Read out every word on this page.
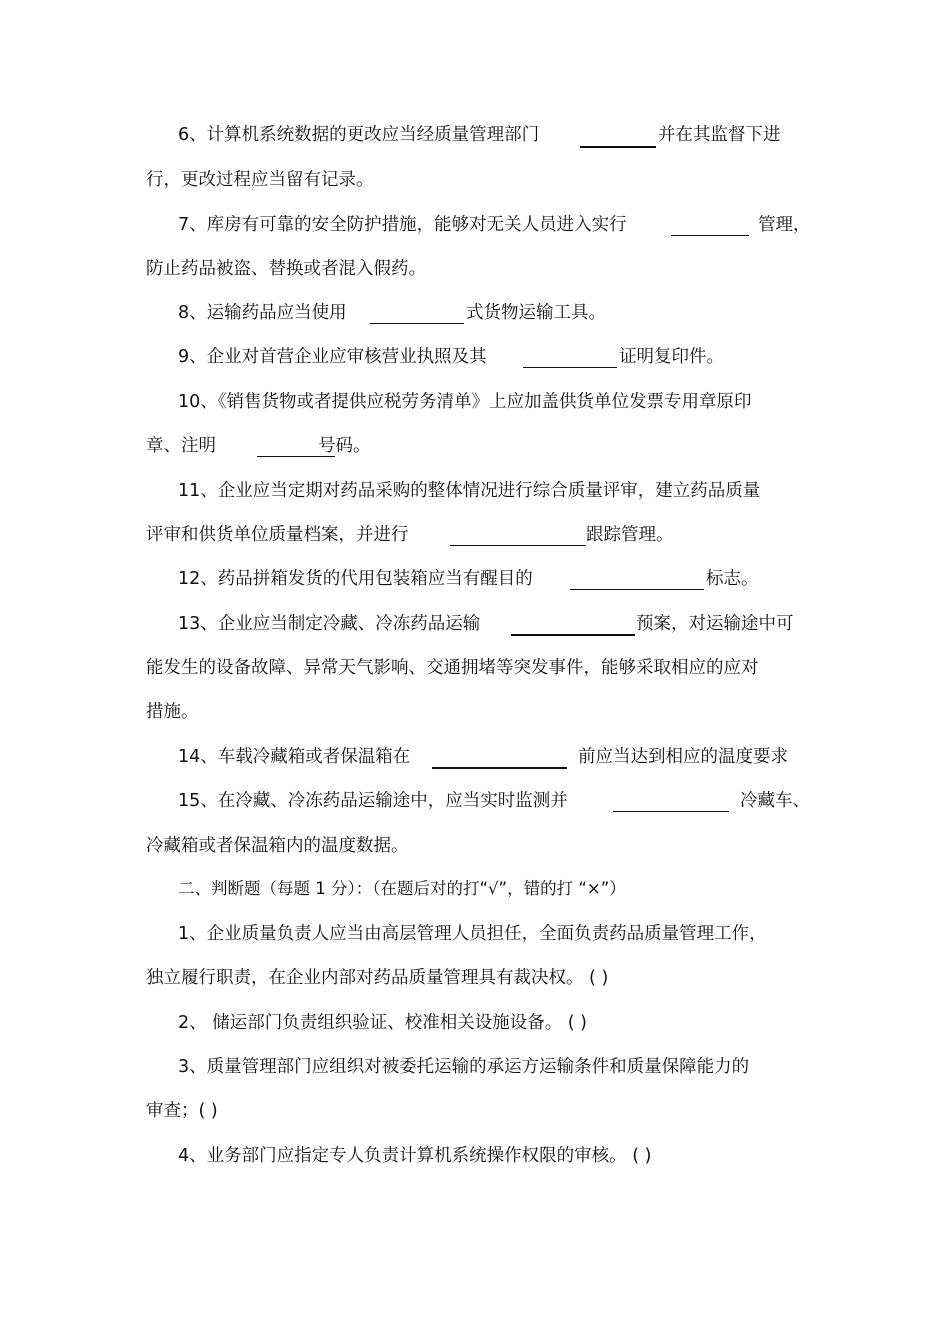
6、计算机系统数据的更改应当经质量管理部门	并在其监督下进
行，更改过程应当留有记录。
7、库房有可靠的安全防护措施，能够对无关人员进入实行	管理，
防止药品被盗、替换或者混入假药。
8、运输药品应当使用	式货物运输工具。
9、企业对首营企业应审核营业执照及其	证明复印件。
10、《销售货物或者提供应税劳务清单》上应加盖供货单位发票专用章原印
章、注明	号码。
11、企业应当定期对药品采购的整体情况进行综合质量评审，建立药品质量
评审和供货单位质量档案，并进行	跟踪管理。
12、药品拼箱发货的代用包装箱应当有醒目的	标志。
13、企业应当制定冷藏、冷冻药品运输	预案，对运输途中可
能发生的设备故障、异常天气影响、交通拥堵等突发事件，能够采取相应的应对
措施。
14、车载冷藏箱或者保温箱在	前应当达到相应的温度要求
15、在冷藏、冷冻药品运输途中，应当实时监测并	冷藏车、
冷藏箱或者保温箱内的温度数据。
二、判断题（每题 1 分）：（在题后对的打“√”，错的打 “×”）
1、企业质量负责人应当由高层管理人员担任，全面负责药品质量管理工作，
独立履行职责，在企业内部对药品质量管理具有裁决权。 ( )
2、 储运部门负责组织验证、校准相关设施设备。 ( )
3、质量管理部门应组织对被委托运输的承运方运输条件和质量保障能力的
审查；( )
4、业务部门应指定专人负责计算机系统操作权限的审核。 ( )
